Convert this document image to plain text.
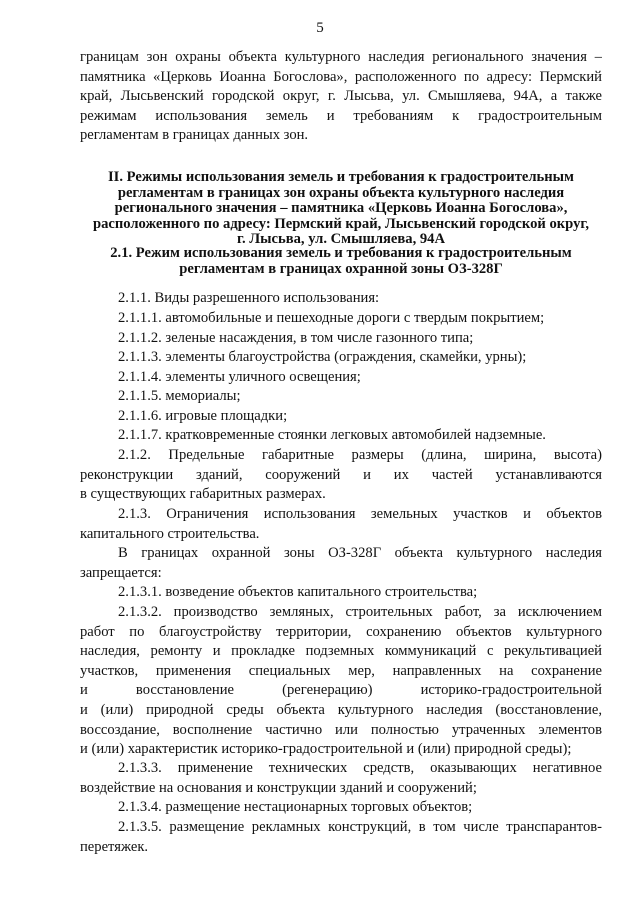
5
границам зон охраны объекта культурного наследия регионального значения –
памятника «Церковь Иоанна Богослова», расположенного по адресу: Пермский
край, Лысьвенский городской округ, г. Лысьва, ул. Смышляева, 94А, а также
режимам использования земель и требованиям к градостроительным
регламентам в границах данных зон.
II. Режимы использования земель и требования к градостроительным
регламентам в границах зон охраны объекта культурного наследия
регионального значения – памятника «Церковь Иоанна Богослова»,
расположенного по адресу: Пермский край, Лысьвенский городской округ,
г. Лысьва, ул. Смышляева, 94А
2.1. Режим использования земель и требования к градостроительным
регламентам в границах охранной зоны ОЗ-328Г
2.1.1. Виды разрешенного использования:
2.1.1.1. автомобильные и пешеходные дороги с твердым покрытием;
2.1.1.2. зеленые насаждения, в том числе газонного типа;
2.1.1.3. элементы благоустройства (ограждения, скамейки, урны);
2.1.1.4. элементы уличного освещения;
2.1.1.5. мемориалы;
2.1.1.6. игровые площадки;
2.1.1.7. кратковременные стоянки легковых автомобилей надземные.
2.1.2. Предельные габаритные размеры (длина, ширина, высота)
реконструкции зданий, сооружений и их частей устанавливаются
в существующих габаритных размерах.
2.1.3. Ограничения использования земельных участков и объектов
капитального строительства.
В границах охранной зоны ОЗ-328Г объекта культурного наследия
запрещается:
2.1.3.1. возведение объектов капитального строительства;
2.1.3.2. производство земляных, строительных работ, за исключением
работ по благоустройству территории, сохранению объектов культурного
наследия, ремонту и прокладке подземных коммуникаций с рекультивацией
участков, применения специальных мер, направленных на сохранение
и восстановление (регенерацию) историко-градостроительной
и (или) природной среды объекта культурного наследия (восстановление,
воссоздание, восполнение частично или полностью утраченных элементов
и (или) характеристик историко-градостроительной и (или) природной среды);
2.1.3.3. применение технических средств, оказывающих негативное
воздействие на основания и конструкции зданий и сооружений;
2.1.3.4. размещение нестационарных торговых объектов;
2.1.3.5. размещение рекламных конструкций, в том числе транспарантов-
перетяжек.
